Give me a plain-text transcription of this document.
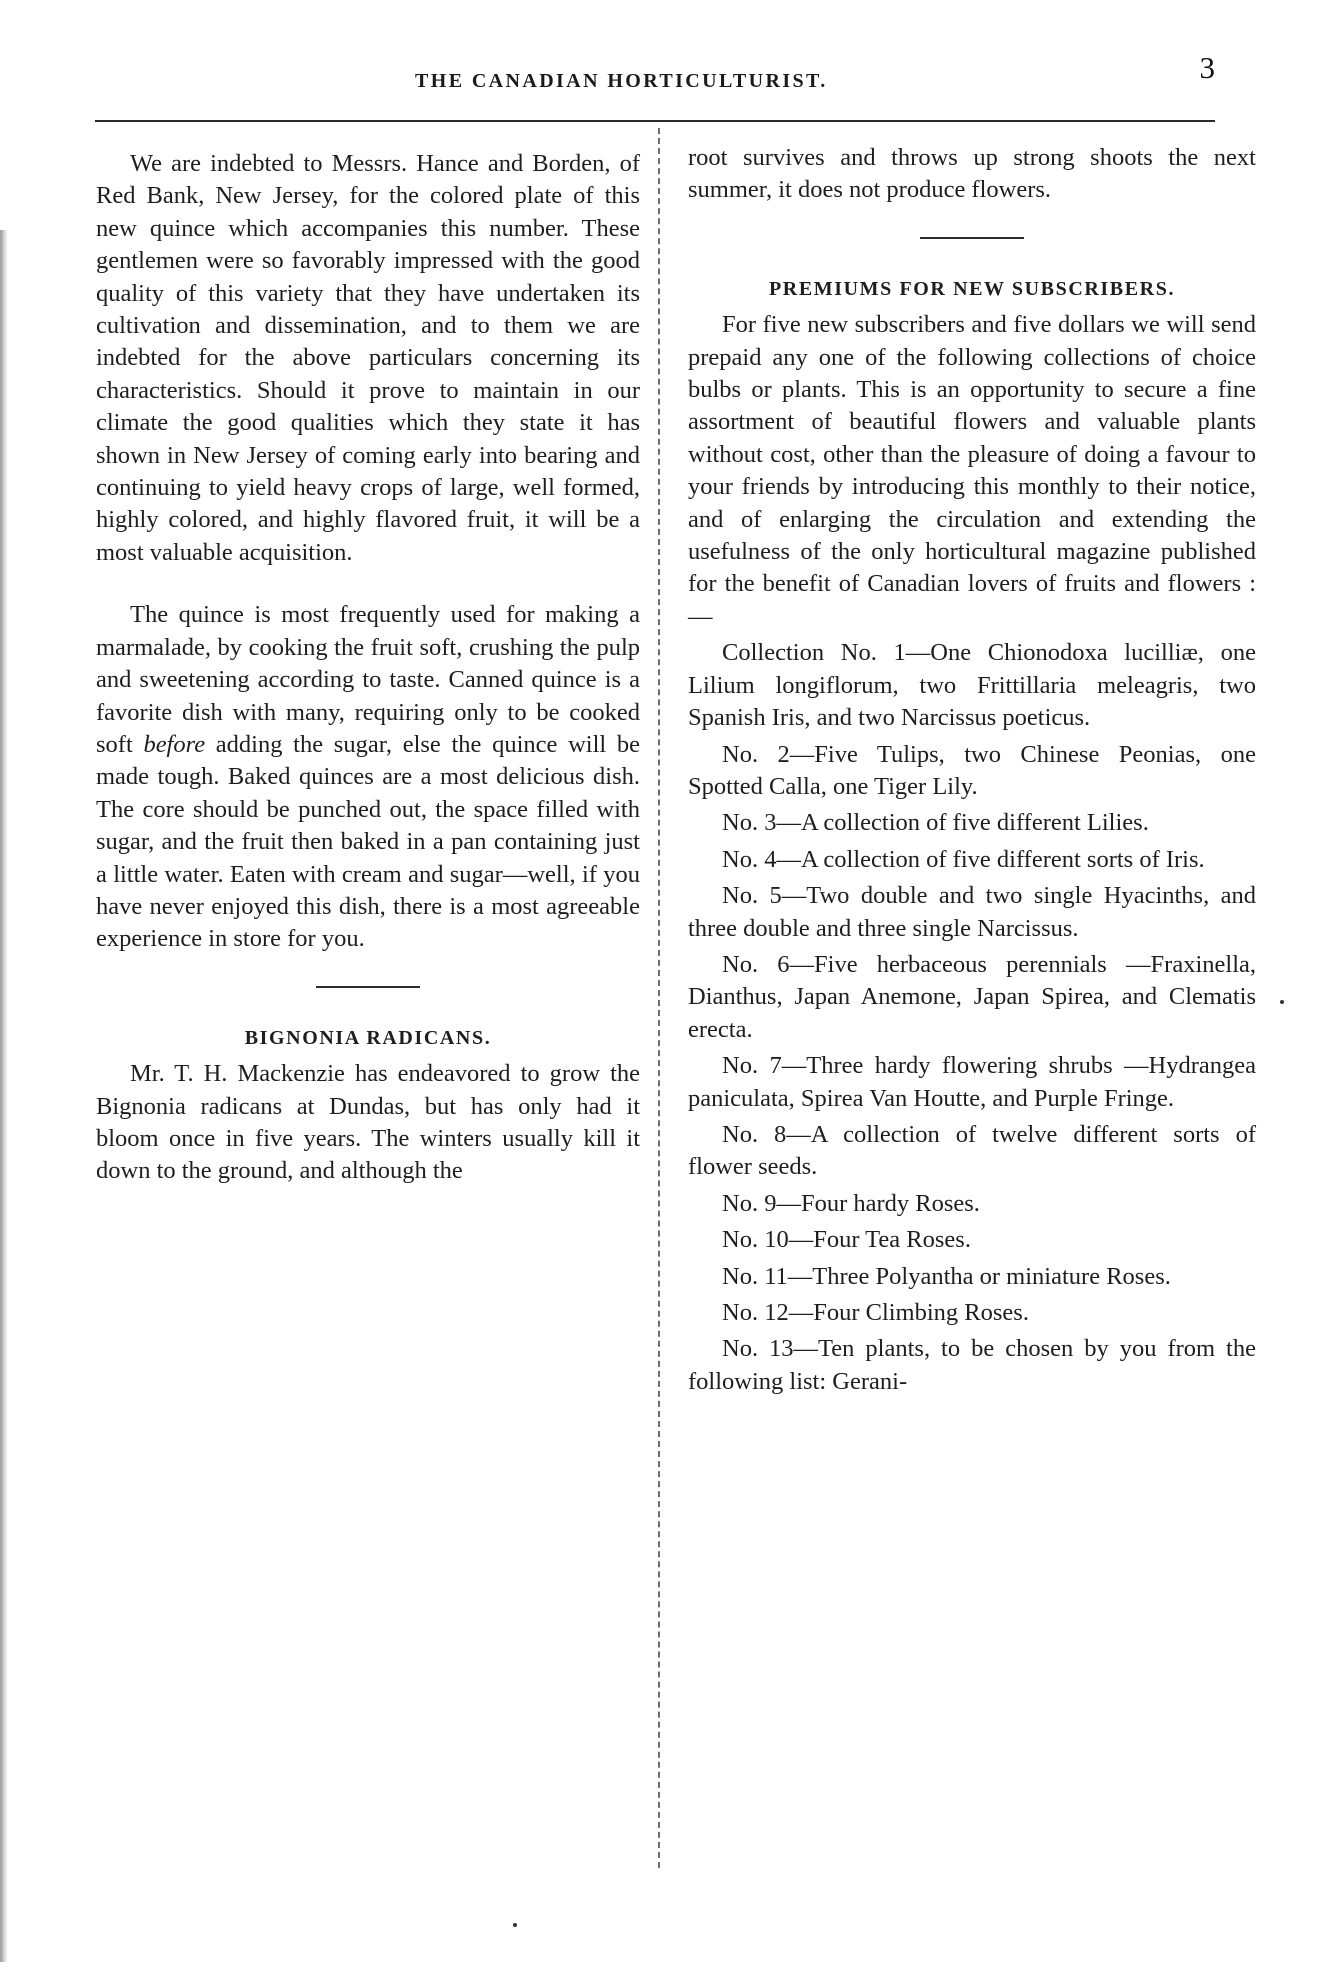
THE CANADIAN HORTICULTURIST.	3

We are indebted to Messrs. Hance and Borden, of Red Bank, New Jersey, for the colored plate of this new quince which accompanies this number. These gentlemen were so favorably impressed with the good quality of this variety that they have undertaken its cultivation and dissemination, and to them we are indebted for the above particulars concerning its characteristics. Should it prove to maintain in our climate the good qualities which they state it has shown in New Jersey of coming early into bearing and continuing to yield heavy crops of large, well formed, highly colored, and highly flavored fruit, it will be a most valuable acquisition.

The quince is most frequently used for making a marmalade, by cooking the fruit soft, crushing the pulp and sweetening according to taste. Canned quince is a favorite dish with many, requiring only to be cooked soft before adding the sugar, else the quince will be made tough. Baked quinces are a most delicious dish. The core should be punched out, the space filled with sugar, and the fruit then baked in a pan containing just a little water. Eaten with cream and sugar—well, if you have never enjoyed this dish, there is a most agreeable experience in store for you.

BIGNONIA RADICANS.

Mr. T. H. Mackenzie has endeavored to grow the Bignonia radicans at Dundas, but has only had it bloom once in five years. The winters usually kill it down to the ground, and although the

root survives and throws up strong shoots the next summer, it does not produce flowers.

PREMIUMS FOR NEW SUBSCRIBERS.

For five new subscribers and five dollars we will send prepaid any one of the following collections of choice bulbs or plants. This is an opportunity to secure a fine assortment of beautiful flowers and valuable plants without cost, other than the pleasure of doing a favour to your friends by introducing this monthly to their notice, and of enlarging the circulation and extending the usefulness of the only horticultural magazine published for the benefit of Canadian lovers of fruits and flowers :—

Collection No. 1—One Chionodoxa lucilliæ, one Lilium longiflorum, two Frittillaria meleagris, two Spanish Iris, and two Narcissus poeticus.

No. 2—Five Tulips, two Chinese Peonias, one Spotted Calla, one Tiger Lily.

No. 3—A collection of five different Lilies.

No. 4—A collection of five different sorts of Iris.

No. 5—Two double and two single Hyacinths, and three double and three single Narcissus.

No. 6—Five herbaceous perennials —Fraxinella, Dianthus, Japan Anemone, Japan Spirea, and Clematis erecta.

No. 7—Three hardy flowering shrubs —Hydrangea paniculata, Spirea Van Houtte, and Purple Fringe.

No. 8—A collection of twelve different sorts of flower seeds.

No. 9—Four hardy Roses.

No. 10—Four Tea Roses.

No. 11—Three Polyantha or miniature Roses.

No. 12—Four Climbing Roses.

No. 13—Ten plants, to be chosen by you from the following list: Gerani-
